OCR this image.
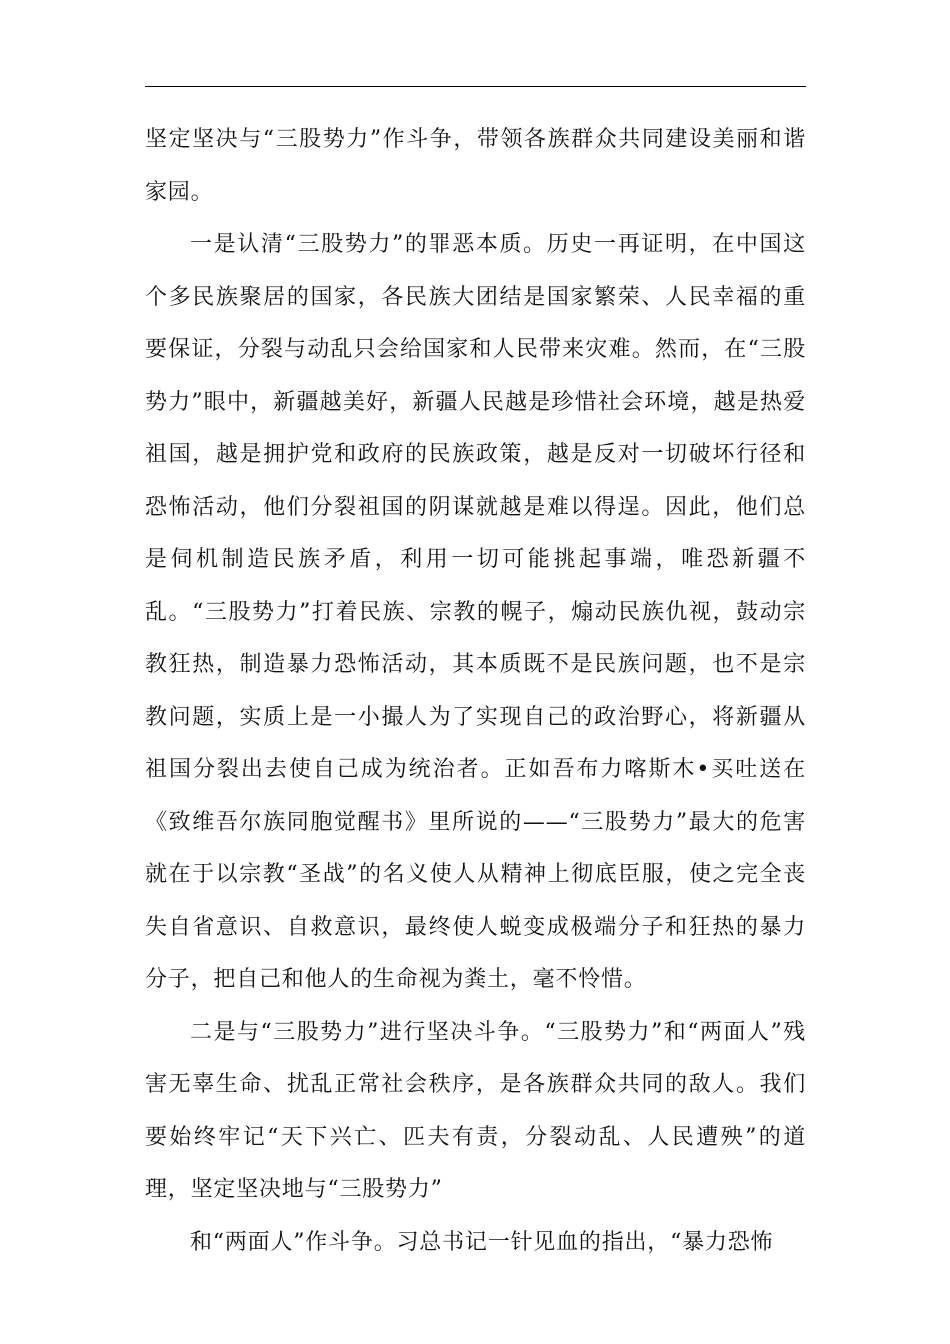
坚定坚决与“三股势力”作斗争，带领各族群众共同建设美丽和谐家园。

一是认清“三股势力”的罪恶本质。历史一再证明，在中国这个多民族聚居的国家，各民族大团结是国家繁荣、人民幸福的重要保证，分裂与动乱只会给国家和人民带来灾难。然而，在“三股势力”眼中，新疆越美好，新疆人民越是珍惜社会环境，越是热爱祖国，越是拥护党和政府的民族政策，越是反对一切破坏行径和恐怖活动，他们分裂祖国的阴谋就越是难以得逞。因此，他们总是伺机制造民族矛盾，利用一切可能挑起事端，唯恐新疆不乱。“三股势力”打着民族、宗教的幌子，煽动民族仇视，鼓动宗教狂热，制造暴力恐怖活动，其本质既不是民族问题，也不是宗教问题，实质上是一小撮人为了实现自己的政治野心，将新疆从祖国分裂出去使自己成为统治者。正如吾布力喀斯木•买吐送在《致维吾尔族同胞觉醒书》里所说的——“三股势力”最大的危害就在于以宗教“圣战”的名义使人从精神上彻底臣服，使之完全丧失自省意识、自救意识，最终使人蜕变成极端分子和狂热的暴力分子，把自己和他人的生命视为粪土，毫不怜惜。

二是与“三股势力”进行坚决斗争。“三股势力”和“两面人”残害无辜生命、扰乱正常社会秩序，是各族群众共同的敌人。我们要始终牢记“天下兴亡、匹夫有责，分裂动乱、人民遭殃”的道理，坚定坚决地与“三股势力”

和“两面人”作斗争。习总书记一针见血的指出，“暴力恐怖
